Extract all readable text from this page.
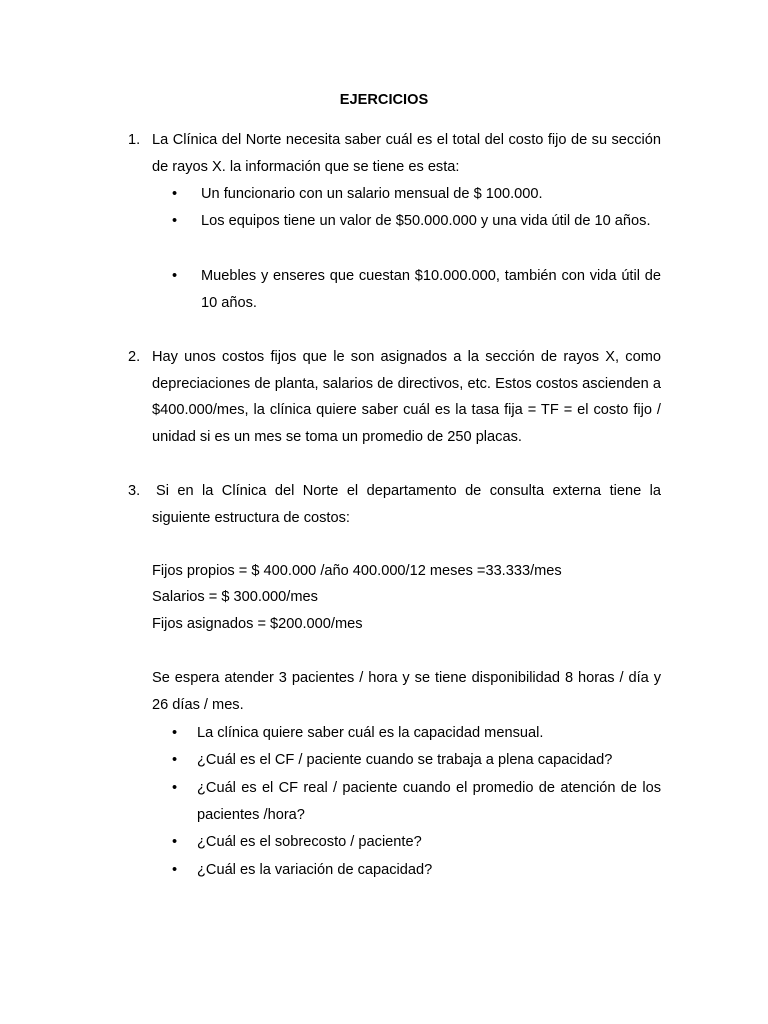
EJERCICIOS
1. La Clínica del Norte necesita saber cuál es el total del costo fijo de su sección de rayos X. la información que se tiene es esta:
•	Un funcionario con un salario mensual de $ 100.000.
•	Los equipos tiene un valor de $50.000.000 y una vida útil de 10 años.
•	Muebles y enseres que cuestan $10.000.000, también con vida útil de 10 años.
2. Hay unos costos fijos que le son asignados a la sección de rayos X, como depreciaciones de planta, salarios de directivos, etc. Estos costos ascienden a $400.000/mes, la clínica quiere saber cuál es la tasa fija = TF = el costo fijo / unidad si es un mes se toma un promedio de 250 placas.
3.	Si en la Clínica del Norte el departamento de consulta externa tiene la siguiente estructura de costos:
Fijos propios = $ 400.000 /año 400.000/12 meses =33.333/mes
Salarios = $ 300.000/mes
Fijos asignados = $200.000/mes
Se espera atender 3 pacientes / hora y se tiene disponibilidad 8 horas / día y 26 días / mes.
•	La clínica quiere saber cuál es la capacidad mensual.
•	¿Cuál es el CF / paciente cuando se trabaja a plena capacidad?
•	¿Cuál es el CF real / paciente cuando el promedio de atención de los pacientes /hora?
•	¿Cuál es el sobrecosto / paciente?
•	¿Cuál es la variación de capacidad?
